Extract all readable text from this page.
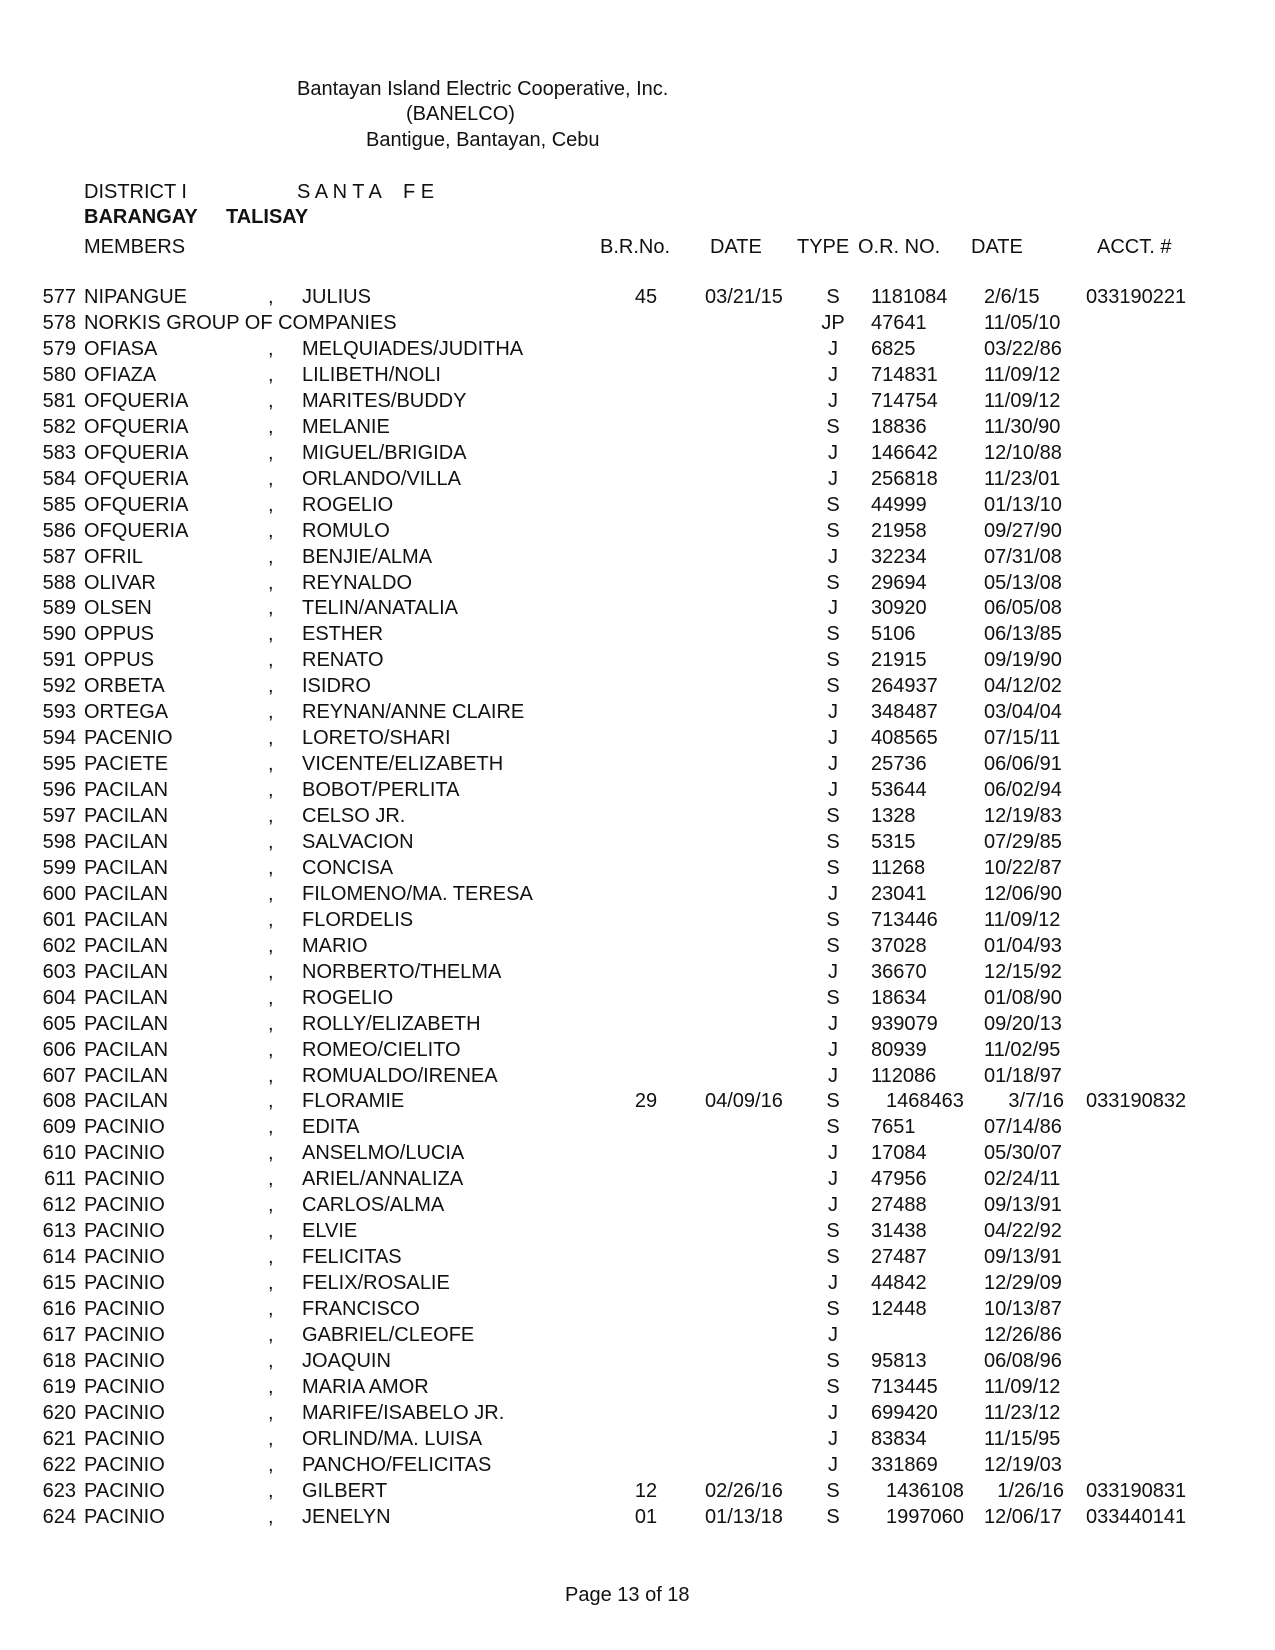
Bantayan Island Electric Cooperative, Inc.
(BANELCO)
Bantigue, Bantayan, Cebu
DISTRICT I	S A N T A    F E
BARANGAY TALISAY
MEMBERS	B.R.No. DATE TYPE O.R. NO. DATE	ACCT. #
577 NIPANGUE	, JULIUS	45 03/21/15	S	1181084 2/6/15 033190221
578 NORKIS GROUP OF COMPANIES	JP	47641	11/05/10
579 OFIASA	, MELQUIADES/JUDITHA	J	6825	03/22/86
580 OFIAZA	, LILIBETH/NOLI	J	714831 11/09/12
581 OFQUERIA	, MARITES/BUDDY	J	714754 11/09/12
582 OFQUERIA	, MELANIE	S	18836	11/30/90
583 OFQUERIA	, MIGUEL/BRIGIDA	J	146642 12/10/88
584 OFQUERIA	, ORLANDO/VILLA	J	256818 11/23/01
585 OFQUERIA	, ROGELIO	S	44999	01/13/10
586 OFQUERIA	, ROMULO	S	21958	09/27/90
587 OFRIL	, BENJIE/ALMA	J	32234	07/31/08
588 OLIVAR	, REYNALDO	S	29694	05/13/08
589 OLSEN	, TELIN/ANATALIA	J	30920	06/05/08
590 OPPUS	, ESTHER	S	5106	06/13/85
591 OPPUS	, RENATO	S	21915	09/19/90
592 ORBETA	, ISIDRO	S	264937 04/12/02
593 ORTEGA	, REYNAN/ANNE CLAIRE	J	348487 03/04/04
594 PACENIO	, LORETO/SHARI	J	408565 07/15/11
595 PACIETE	, VICENTE/ELIZABETH	J	25736	06/06/91
596 PACILAN	, BOBOT/PERLITA	J	53644	06/02/94
597 PACILAN	, CELSO JR.	S	1328	12/19/83
598 PACILAN	, SALVACION	S	5315	07/29/85
599 PACILAN	, CONCISA	S	11268	10/22/87
600 PACILAN	, FILOMENO/MA. TERESA	J	23041	12/06/90
601 PACILAN	, FLORDELIS	S	713446 11/09/12
602 PACILAN	, MARIO	S	37028	01/04/93
603 PACILAN	, NORBERTO/THELMA	J	36670	12/15/92
604 PACILAN	, ROGELIO	S	18634	01/08/90
605 PACILAN	, ROLLY/ELIZABETH	J	939079 09/20/13
606 PACILAN	, ROMEO/CIELITO	J	80939	11/02/95
607 PACILAN	, ROMUALDO/IRENEA	J	112086 01/18/97
608 PACILAN	, FLORAMIE	29 04/09/16	S	1468463 3/7/16 033190832
609 PACINIO	, EDITA	S	7651	07/14/86
610 PACINIO	, ANSELMO/LUCIA	J	17084	05/30/07
611 PACINIO	, ARIEL/ANNALIZA	J	47956	02/24/11
612 PACINIO	, CARLOS/ALMA	J	27488	09/13/91
613 PACINIO	, ELVIE	S	31438	04/22/92
614 PACINIO	, FELICITAS	S	27487	09/13/91
615 PACINIO	, FELIX/ROSALIE	J	44842	12/29/09
616 PACINIO	, FRANCISCO	S	12448	10/13/87
617 PACINIO	, GABRIEL/CLEOFE	J	12/26/86
618 PACINIO	, JOAQUIN	S	95813	06/08/96
619 PACINIO	, MARIA AMOR	S	713445 11/09/12
620 PACINIO	, MARIFE/ISABELO JR.	J	699420 11/23/12
621 PACINIO	, ORLIND/MA. LUISA	J	83834	11/15/95
622 PACINIO	, PANCHO/FELICITAS	J	331869 12/19/03
623 PACINIO	, GILBERT	12 02/26/16	S	1436108 1/26/16 033190831
624 PACINIO	, JENELYN	01 01/13/18	S	1997060 12/06/17 033440141
Page 13 of 18
